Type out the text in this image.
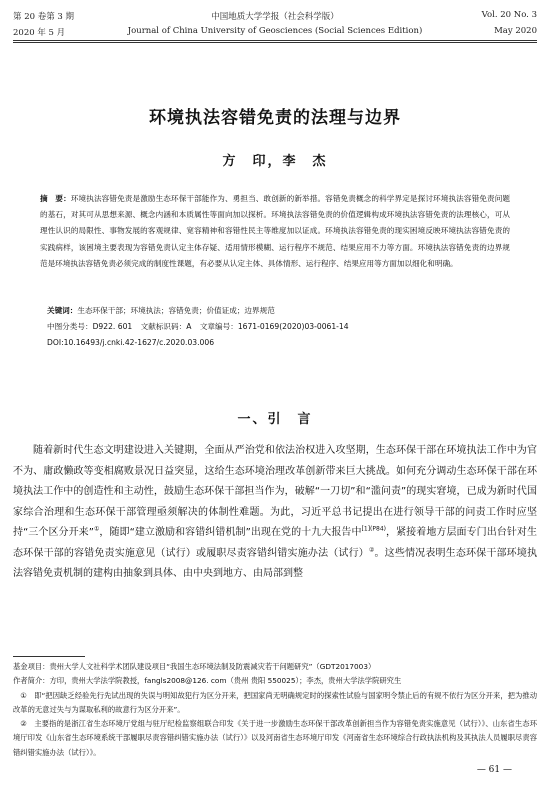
第 20 卷第 3 期	中国地质大学学报（社会科学版）	Vol. 20 No. 3
2020 年 5 月	Journal of China University of Geosciences (Social Sciences Edition)	May 2020
环境执法容错免责的法理与边界
方　印，李　杰
摘　要：环境执法容错免责是激励生态环保干部能作为、勇担当、敢创新的新举措。容错免责概念的科学界定是探讨环境执法容错免责问题的基石，对其可从思想来源、概念内涵和本质属性等面向加以探析。环境执法容错免责的价值逻辑构成环境执法容错免责的法理核心，可从理性认识的局限性、事物发展的客观规律、宽容精神和容错性民主等维度加以证成。环境执法容错免责的现实困境反映环境执法容错免责的实践病样，该困境主要表现为容错免责认定主体存疑、适用情形模糊、运行程序不规范、结果应用不力等方面。环境执法容错免责的边界规范是环境执法容错免责必须完成的制度性课题，有必要从认定主体、具体情形、运行程序、结果应用等方面加以细化和明确。
关键词：生态环保干部；环境执法；容错免责；价值证成；边界规范
中图分类号：D922. 601 文献标识码：A 文章编号：1671-0169(2020)03-0061-14
DOI:10.16493/j.cnki.42-1627/c.2020.03.006
一、引　言

随着新时代生态文明建设进入关键期，全面从严治党和依法治权进入攻坚期，生态环保干部在环境执法工作中为官不为、庸政懒政等变相腐败景况日益突显，这给生态环境治理改革创新带来巨大挑战。如何充分调动生态环保干部在环境执法工作中的创造性和主动性，鼓励生态环保干部担当作为，破解“一刀切”和“滥问责”的现实窘境，已成为新时代国家综合治理和生态环保干部管理亟须解决的体制性难题。为此，习近平总书记提出在进行领导干部的问责工作时应坚持“三个区分开来”①，随即“建立激励和容错纠错机制”出现在党的十九大报告中$^{[1](P84)}$，紧接着地方层面专门出台针对生态环保干部的容错免责实施意见（试行）或履职尽责容错纠错实施办法（试行）②。这些情况表明生态环保干部环境执法容错免责机制的建构由抽象到具体、由中央到地方、由局部到整

基金项目：贵州大学人文社科学术团队建设项目“我国生态环境法制及防震减灾若干问题研究”（GDT2017003）

作者简介：方印，贵州大学法学院教授，fangls2008@126. com（贵州 贵阳 550025）；李杰，贵州大学法学院研究生

①　即“把因缺乏经验先行先试出现的失误与明知故犯行为区分开来，把国家尚无明确规定时的探索性试验与国家明令禁止后的有规不依行为区分开来，把为推动改革的无意过失与为谋取私利的故意行为区分开来”。

②　主要指的是浙江省生态环境厅党组与驻厅纪检监察组联合印发《关于进一步激励生态环保干部改革创新担当作为容错免责实施意见（试行）》、山东省生态环境厅印发《山东省生态环境系统干部履职尽责容错纠错实施办法（试行）》以及河南省生态环境厅印发《河南省生态环境综合行政执法机构及其执法人员履职尽责容错纠错实施办法（试行）》。

— 61 —
